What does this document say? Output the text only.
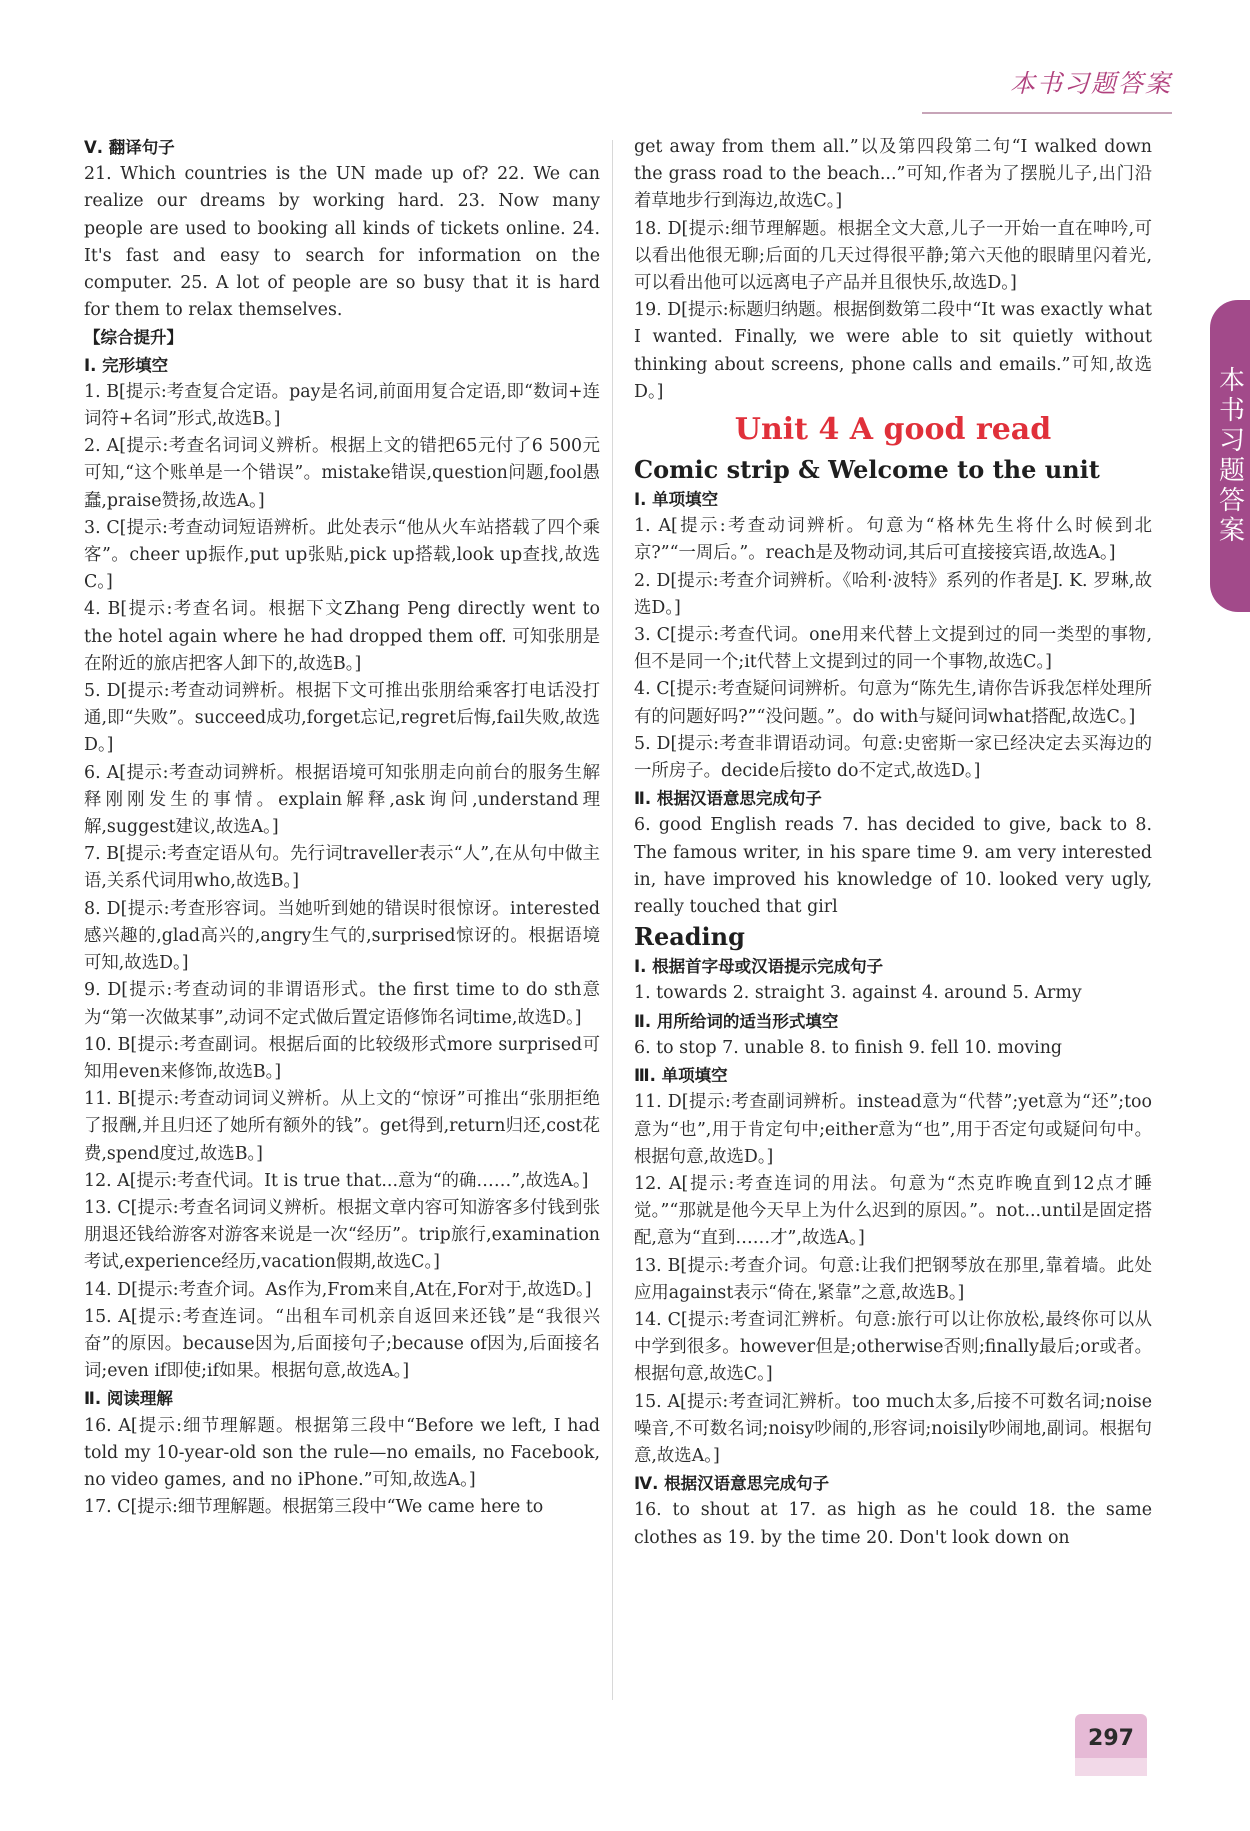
本书习题答案
本书习题答案

Ⅴ. 翻译句子

21. Which countries is the UN made up of? 22. We can realize our dreams by working hard. 23. Now many people are used to booking all kinds of tickets online. 24. It's fast and easy to search for information on the computer. 25. A lot of people are so busy that it is hard for them to relax themselves.

【综合提升】

Ⅰ. 完形填空

1. B[提示:考查复合定语。pay是名词,前面用复合定语,即“数词+连词符+名词”形式,故选B。]

2. A[提示:考查名词词义辨析。根据上文的错把65元付了6 500元可知,“这个账单是一个错误”。mistake错误,question问题,fool愚蠢,praise赞扬,故选A。]

3. C[提示:考查动词短语辨析。此处表示“他从火车站搭载了四个乘客”。cheer up振作,put up张贴,pick up搭载,look up查找,故选C。]

4. B[提示:考查名词。根据下文Zhang Peng directly went to the hotel again where he had dropped them off. 可知张朋是在附近的旅店把客人卸下的,故选B。]

5. D[提示:考查动词辨析。根据下文可推出张朋给乘客打电话没打通,即“失败”。succeed成功,forget忘记,regret后悔,fail失败,故选D。]

6. A[提示:考查动词辨析。根据语境可知张朋走向前台的服务生解释刚刚发生的事情。explain解释,ask询问,understand理解,suggest建议,故选A。]

7. B[提示:考查定语从句。先行词traveller表示“人”,在从句中做主语,关系代词用who,故选B。]

8. D[提示:考查形容词。当她听到她的错误时很惊讶。interested感兴趣的,glad高兴的,angry生气的,surprised惊讶的。根据语境可知,故选D。]

9. D[提示:考查动词的非谓语形式。the first time to do sth意为“第一次做某事”,动词不定式做后置定语修饰名词time,故选D。]

10. B[提示:考查副词。根据后面的比较级形式more surprised可知用even来修饰,故选B。]

11. B[提示:考查动词词义辨析。从上文的“惊讶”可推出“张朋拒绝了报酬,并且归还了她所有额外的钱”。get得到,return归还,cost花费,spend度过,故选B。]

12. A[提示:考查代词。It is true that...意为“的确……”,故选A。]

13. C[提示:考查名词词义辨析。根据文章内容可知游客多付钱到张朋退还钱给游客对游客来说是一次“经历”。trip旅行,examination考试,experience经历,vacation假期,故选C。]

14. D[提示:考查介词。As作为,From来自,At在,For对于,故选D。]

15. A[提示:考查连词。“出租车司机亲自返回来还钱”是“我很兴奋”的原因。because因为,后面接句子;because of因为,后面接名词;even if即使;if如果。根据句意,故选A。]

Ⅱ. 阅读理解

16. A[提示:细节理解题。根据第三段中“Before we left, I had told my 10-year-old son the rule—no emails, no Facebook, no video games, and no iPhone.”可知,故选A。]

17. C[提示:细节理解题。根据第三段中“We came here to

get away from them all.”以及第四段第二句“I walked down the grass road to the beach...”可知,作者为了摆脱儿子,出门沿着草地步行到海边,故选C。]

18. D[提示:细节理解题。根据全文大意,儿子一开始一直在呻吟,可以看出他很无聊;后面的几天过得很平静;第六天他的眼睛里闪着光,可以看出他可以远离电子产品并且很快乐,故选D。]

19. D[提示:标题归纳题。根据倒数第二段中“It was exactly what I wanted. Finally, we were able to sit quietly without thinking about screens, phone calls and emails.”可知,故选D。]

Unit 4 A good read
Comic strip & Welcome to the unit

Ⅰ. 单项填空

1. A[提示:考查动词辨析。句意为“格林先生将什么时候到北京?”“一周后。”。reach是及物动词,其后可直接接宾语,故选A。]

2. D[提示:考查介词辨析。《哈利·波特》系列的作者是J. K. 罗琳,故选D。]

3. C[提示:考查代词。one用来代替上文提到过的同一类型的事物,但不是同一个;it代替上文提到过的同一个事物,故选C。]

4. C[提示:考查疑问词辨析。句意为“陈先生,请你告诉我怎样处理所有的问题好吗?”“没问题。”。do with与疑问词what搭配,故选C。]

5. D[提示:考查非谓语动词。句意:史密斯一家已经决定去买海边的一所房子。decide后接to do不定式,故选D。]

Ⅱ. 根据汉语意思完成句子

6. good English reads 7. has decided to give, back to 8. The famous writer, in his spare time 9. am very interested in, have improved his knowledge of 10. looked very ugly, really touched that girl

Reading

Ⅰ. 根据首字母或汉语提示完成句子

1. towards 2. straight 3. against 4. around 5. Army

Ⅱ. 用所给词的适当形式填空

6. to stop 7. unable 8. to finish 9. fell 10. moving

Ⅲ. 单项填空

11. D[提示:考查副词辨析。instead意为“代替”;yet意为“还”;too意为“也”,用于肯定句中;either意为“也”,用于否定句或疑问句中。根据句意,故选D。]

12. A[提示:考查连词的用法。句意为“杰克昨晚直到12点才睡觉。”“那就是他今天早上为什么迟到的原因。”。not...until是固定搭配,意为“直到……才”,故选A。]

13. B[提示:考查介词。句意:让我们把钢琴放在那里,靠着墙。此处应用against表示“倚在,紧靠”之意,故选B。]

14. C[提示:考查词汇辨析。句意:旅行可以让你放松,最终你可以从中学到很多。however但是;otherwise否则;finally最后;or或者。根据句意,故选C。]

15. A[提示:考查词汇辨析。too much太多,后接不可数名词;noise噪音,不可数名词;noisy吵闹的,形容词;noisily吵闹地,副词。根据句意,故选A。]

Ⅳ. 根据汉语意思完成句子

16. to shout at 17. as high as he could 18. the same clothes as 19. by the time 20. Don't look down on

297
